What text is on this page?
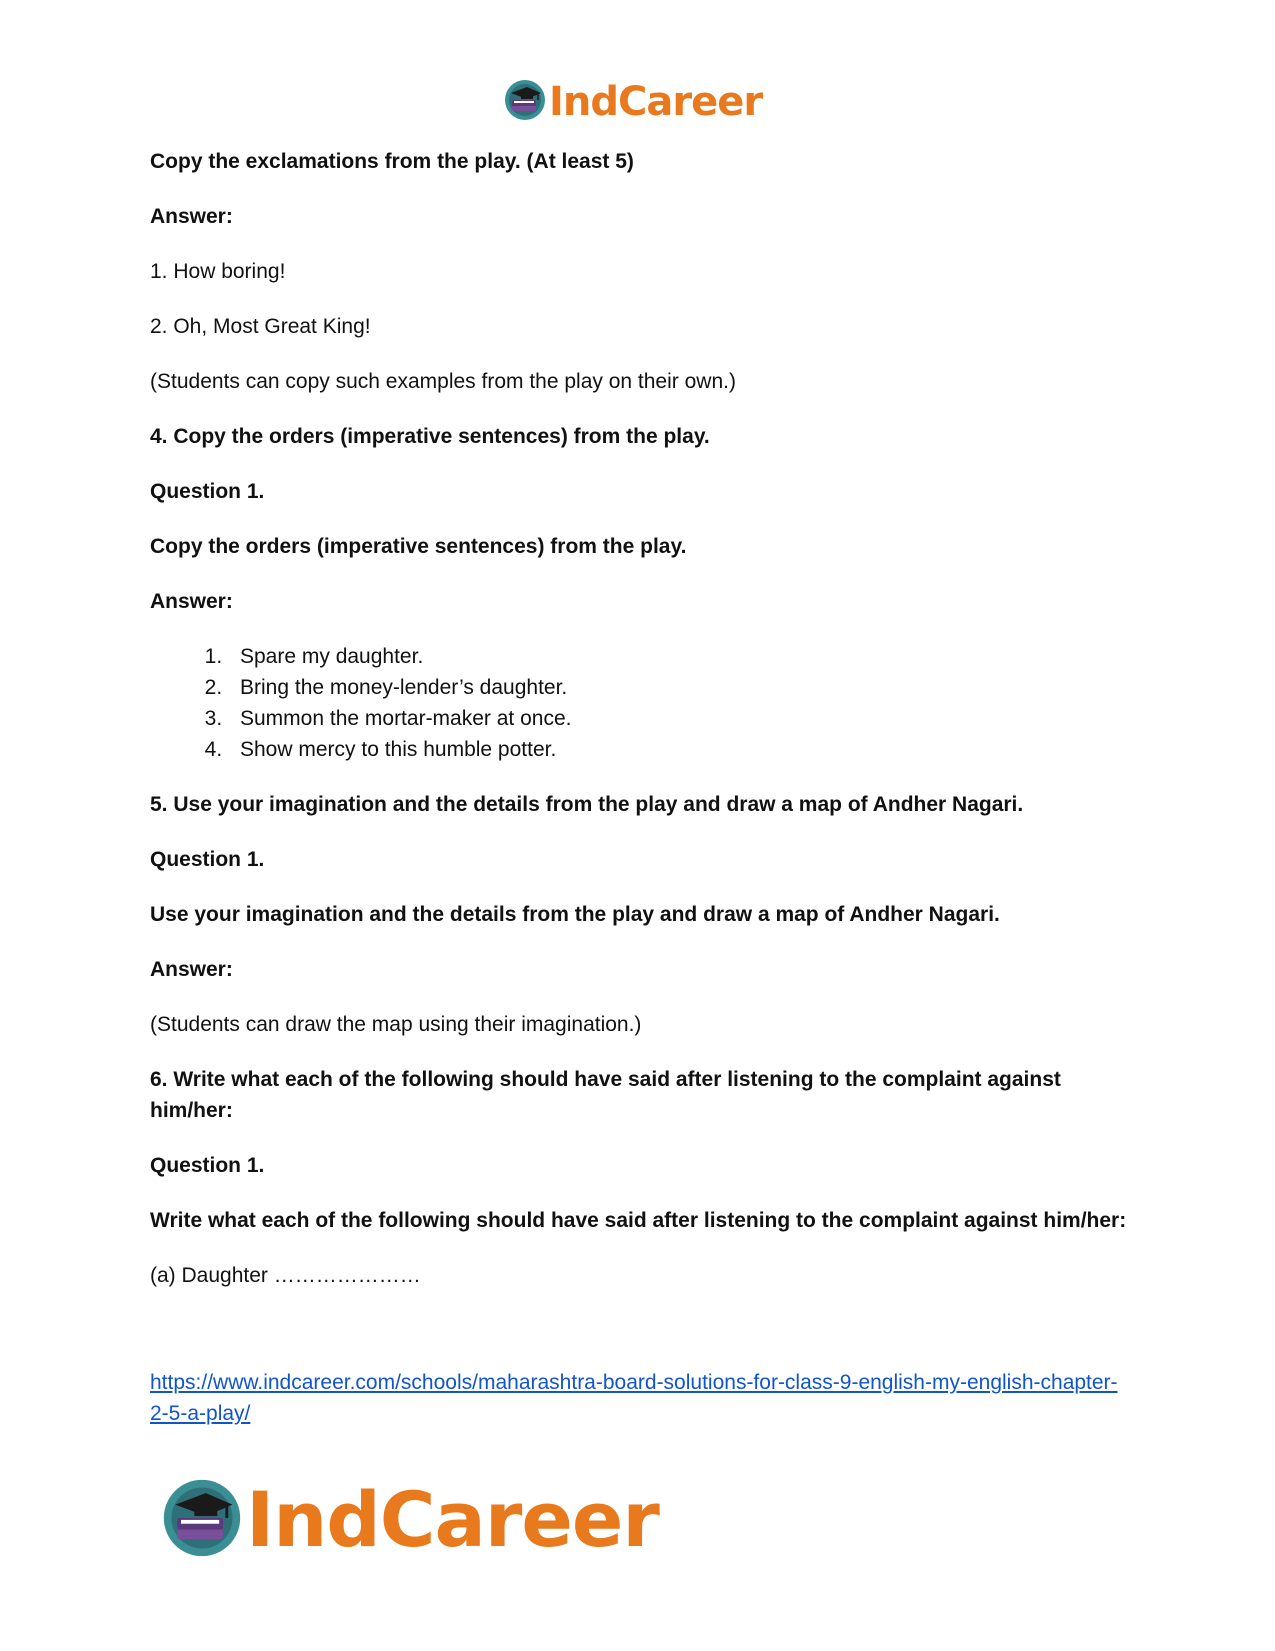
IndCareer

Copy the exclamations from the play. (At least 5)

Answer:

1. How boring!

2. Oh, Most Great King!

(Students can copy such examples from the play on their own.)

4. Copy the orders (imperative sentences) from the play.

Question 1.

Copy the orders (imperative sentences) from the play.

Answer:

1. Spare my daughter.
2. Bring the money-lender’s daughter.
3. Summon the mortar-maker at once.
4. Show mercy to this humble potter.

5. Use your imagination and the details from the play and draw a map of Andher Nagari.

Question 1.

Use your imagination and the details from the play and draw a map of Andher Nagari.

Answer:

(Students can draw the map using their imagination.)

6. Write what each of the following should have said after listening to the complaint against him/her:

Question 1.

Write what each of the following should have said after listening to the complaint against him/her:

(a) Daughter …………………

https://www.indcareer.com/schools/maharashtra-board-solutions-for-class-9-english-my-english-chapter-2-5-a-play/
IndCareer
